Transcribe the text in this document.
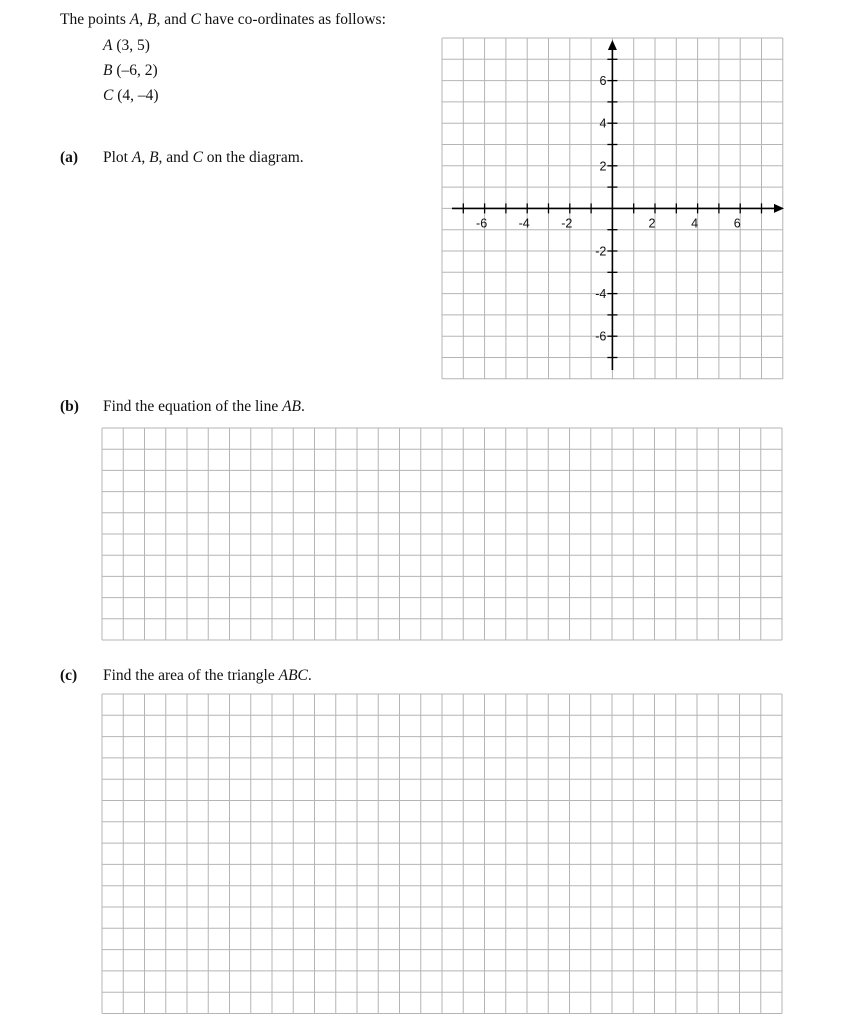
The points A, B, and C have co-ordinates as follows:
A (3, 5)
B (–6, 2)
C (4, –4)
(a) Plot A, B, and C on the diagram.
(b) Find the equation of the line AB.
(c) Find the area of the triangle ABC.
-6	-4	-2	2	4	6
6
4
2
-2
-4
-6
